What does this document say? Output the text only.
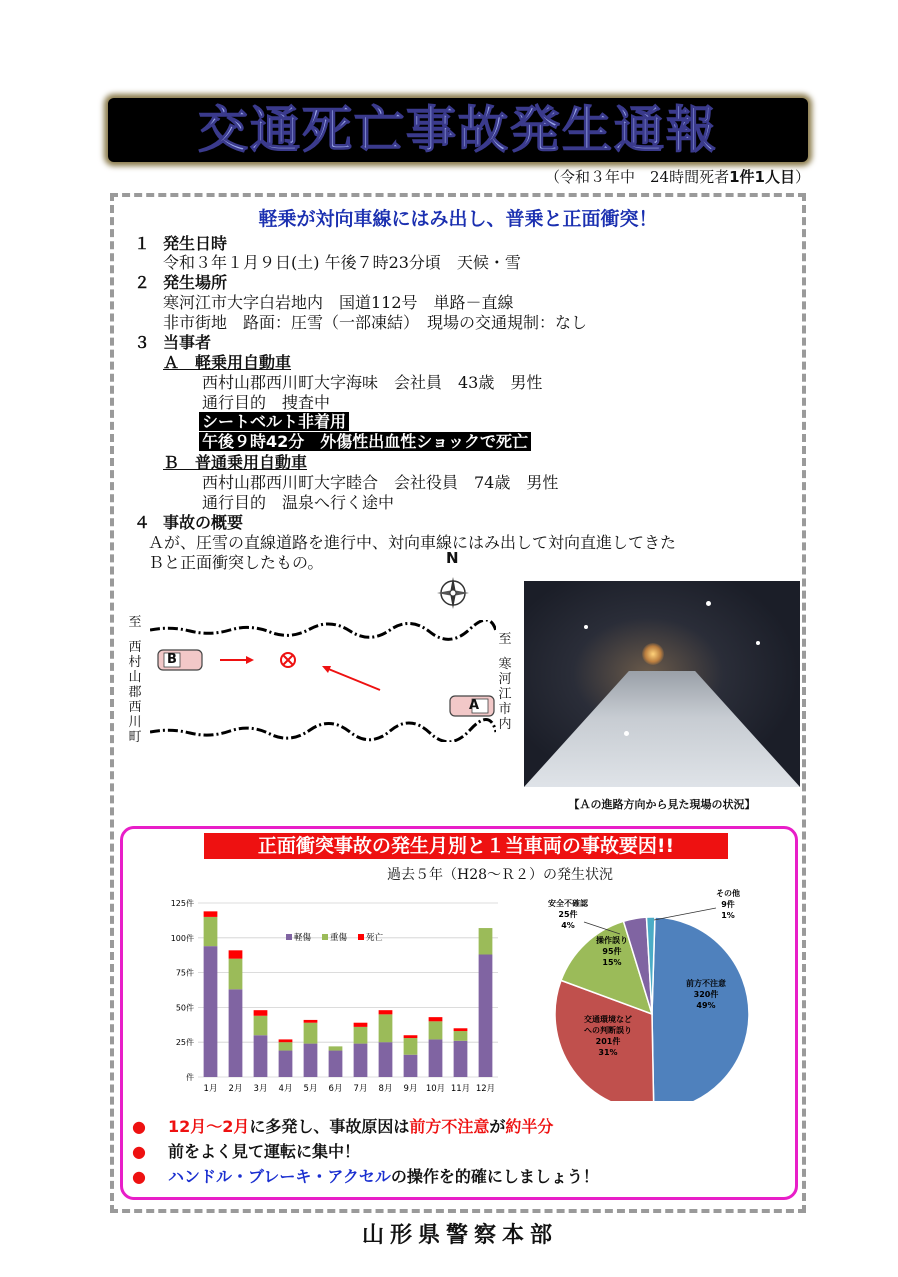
交通死亡事故発生通報
（令和３年中　24時間死者1件1人目）
軽乗が対向車線にはみ出し、普乗と正面衝突！
１ 発生日時
令和３年１月９日(土) 午後７時23分頃　天候・雪
２ 発生場所
寒河江市大字白岩地内　国道112号　単路－直線
非市街地　路面：圧雪（一部凍結）　現場の交通規制：なし
３ 当事者
Ａ　軽乗用自動車
西村山郡西川町大字海味　会社員　43歳　男性
通行目的　捜査中
シートベルト非着用
午後９時42分　外傷性出血性ショックで死亡
Ｂ　普通乗用自動車
西村山郡西川町大字睦合　会社役員　74歳　男性
通行目的　温泉へ行く途中
４ 事故の概要
Ａが、圧雪の直線道路を進行中、対向車線にはみ出して対向直進してきた
Ｂと正面衝突したもの。	N
至
西
村
山
郡
西
川
町
至
寒
河
江
市
内
B
A
【Ａの進路方向から見た現場の状況】
正面衝突事故の発生月別と１当車両の事故要因!!
過去５年（H28～Ｒ２）の発生状況
件
25件
50件
75件
100件
125件
1月 2月 3月 4月 5月 6月 7月 8月 9月 10月 11月 12月
軽傷 重傷 死亡
前方不注意
320件
49%
交通環境など
への判断誤り
201件
31%
操作誤り
95件
15%
安全不確認
25件
4%
その他
9件
1%
● 12月～2月に多発し、事故原因は前方不注意が約半分
● 前をよく見て運転に集中！
● ハンドル・ブレーキ・アクセルの操作を的確にしましょう！
山形県警察本部
